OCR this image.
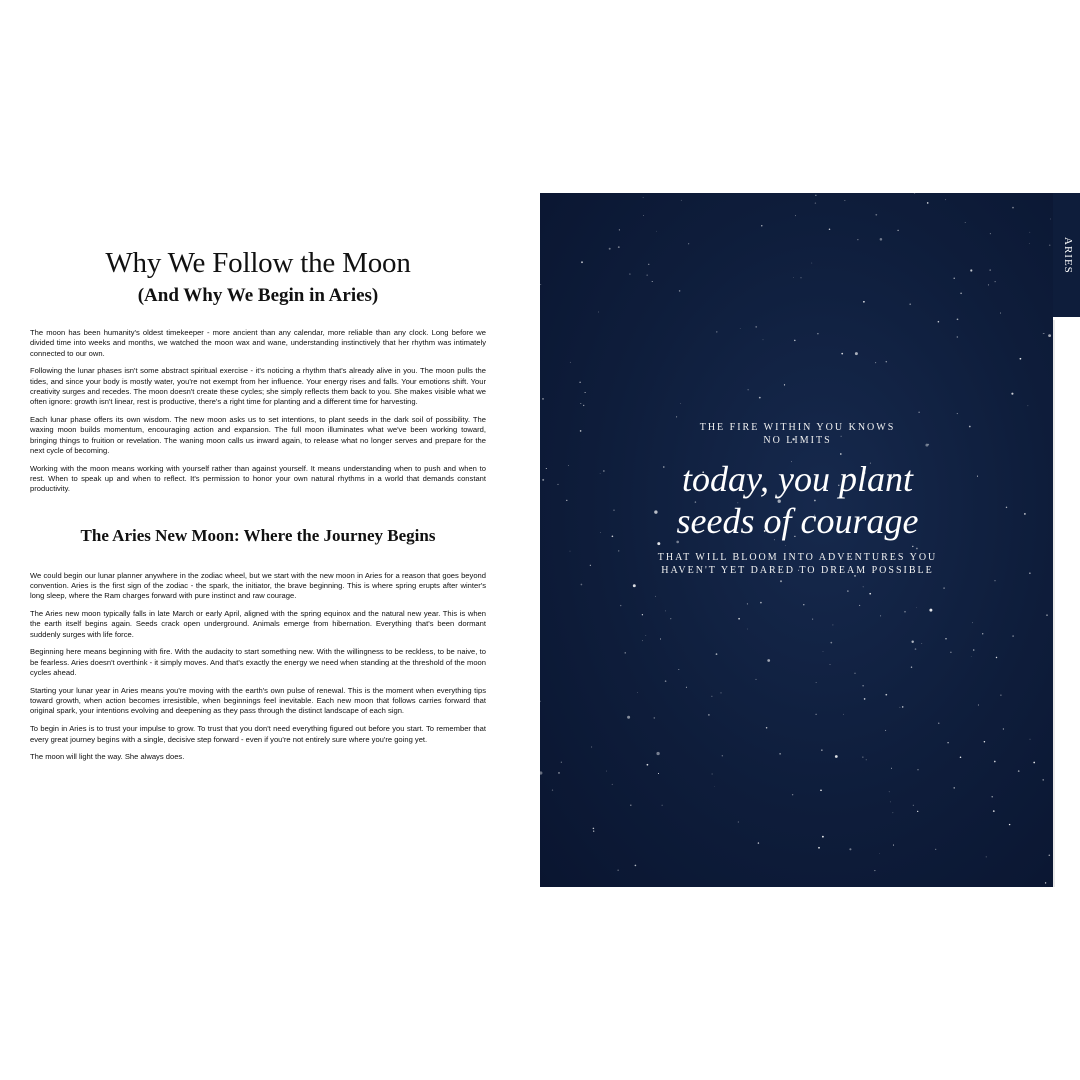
Why We Follow the Moon
(And Why We Begin in Aries)

The moon has been humanity's oldest timekeeper - more ancient than any calendar, more reliable than any clock. Long before we divided time into weeks and months, we watched the moon wax and wane, understanding instinctively that her rhythm was intimately connected to our own.

Following the lunar phases isn't some abstract spiritual exercise - it's noticing a rhythm that's already alive in you. The moon pulls the tides, and since your body is mostly water, you're not exempt from her influence. Your energy rises and falls. Your emotions shift. Your creativity surges and recedes. The moon doesn't create these cycles; she simply reflects them back to you. She makes visible what we often ignore: growth isn't linear, rest is productive, there's a right time for planting and a different time for harvesting.

Each lunar phase offers its own wisdom. The new moon asks us to set intentions, to plant seeds in the dark soil of possibility. The waxing moon builds momentum, encouraging action and expansion. The full moon illuminates what we've been working toward, bringing things to fruition or revelation. The waning moon calls us inward again, to release what no longer serves and prepare for the next cycle of becoming.

Working with the moon means working with yourself rather than against yourself. It means understanding when to push and when to rest. When to speak up and when to reflect. It's permission to honor your own natural rhythms in a world that demands constant productivity.

The Aries New Moon: Where the Journey Begins

We could begin our lunar planner anywhere in the zodiac wheel, but we start with the new moon in Aries for a reason that goes beyond convention. Aries is the first sign of the zodiac - the spark, the initiator, the brave beginning. This is where spring erupts after winter's long sleep, where the Ram charges forward with pure instinct and raw courage.

The Aries new moon typically falls in late March or early April, aligned with the spring equinox and the natural new year. This is when the earth itself begins again. Seeds crack open underground. Animals emerge from hibernation. Everything that's been dormant suddenly surges with life force.

Beginning here means beginning with fire. With the audacity to start something new. With the willingness to be reckless, to be naive, to be fearless. Aries doesn't overthink - it simply moves. And that's exactly the energy we need when standing at the threshold of the moon cycles ahead.

Starting your lunar year in Aries means you're moving with the earth's own pulse of renewal. This is the moment when everything tips toward growth, when action becomes irresistible, when beginnings feel inevitable. Each new moon that follows carries forward that original spark, your intentions evolving and deepening as they pass through the distinct landscape of each sign.

To begin in Aries is to trust your impulse to grow. To trust that you don't need everything figured out before you start. To remember that every great journey begins with a single, decisive step forward - even if you're not entirely sure where you're going yet.

The moon will light the way. She always does.

ARIES
THE FIRE WITHIN YOU KNOWS
NO LIMITS
today, you plant
seeds of courage
THAT WILL BLOOM INTO ADVENTURES YOU
HAVEN'T YET DARED TO DREAM POSSIBLE
